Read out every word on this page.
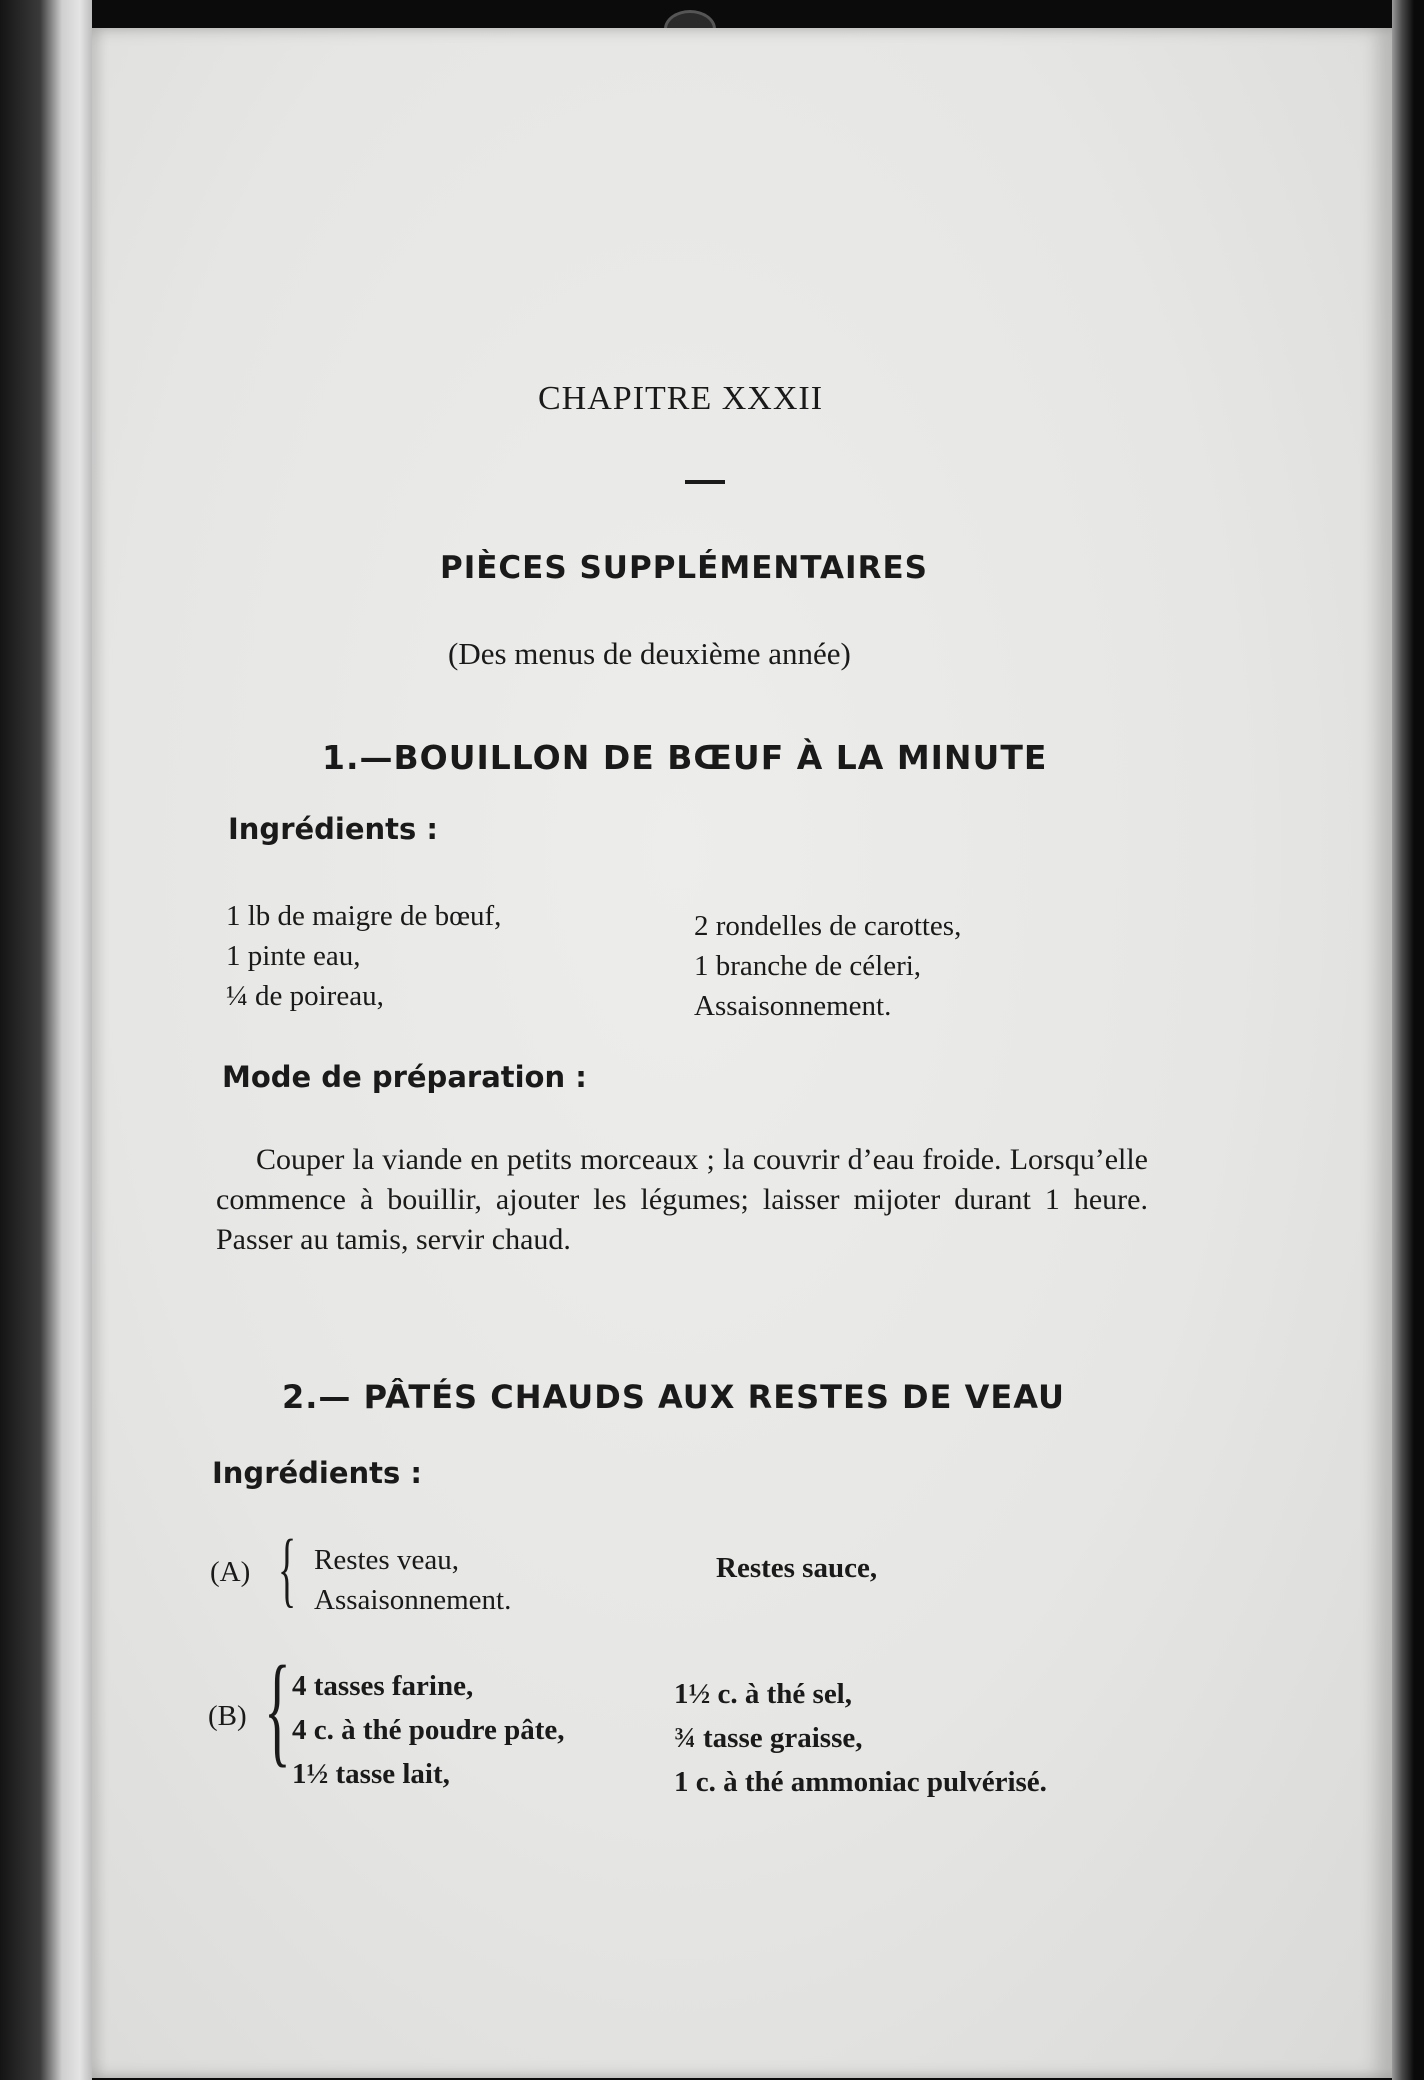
CHAPITRE XXXII
PIÈCES SUPPLÉMENTAIRES
(Des menus de deuxième année)
1.—BOUILLON DE BŒUF À LA MINUTE
Ingrédients :
1 lb de maigre de bœuf,
1 pinte eau,
¼ de poireau,
2 rondelles de carottes,
1 branche de céleri,
Assaisonnement.
Mode de préparation :
Couper la viande en petits morceaux ; la couvrir d’eau froide. Lorsqu’elle commence à bouillir, ajouter les légumes; laisser mijoter durant 1 heure. Passer au tamis, servir chaud.
2.— PÂTÉS CHAUDS AUX RESTES DE VEAU
Ingrédients :
(A) { Restes veau,
Assaisonnement.
Restes sauce,
(B) { 4 tasses farine,
4 c. à thé poudre pâte,
1½ tasse lait,
1½ c. à thé sel,
¾ tasse graisse,
1 c. à thé ammoniac pulvérisé.
